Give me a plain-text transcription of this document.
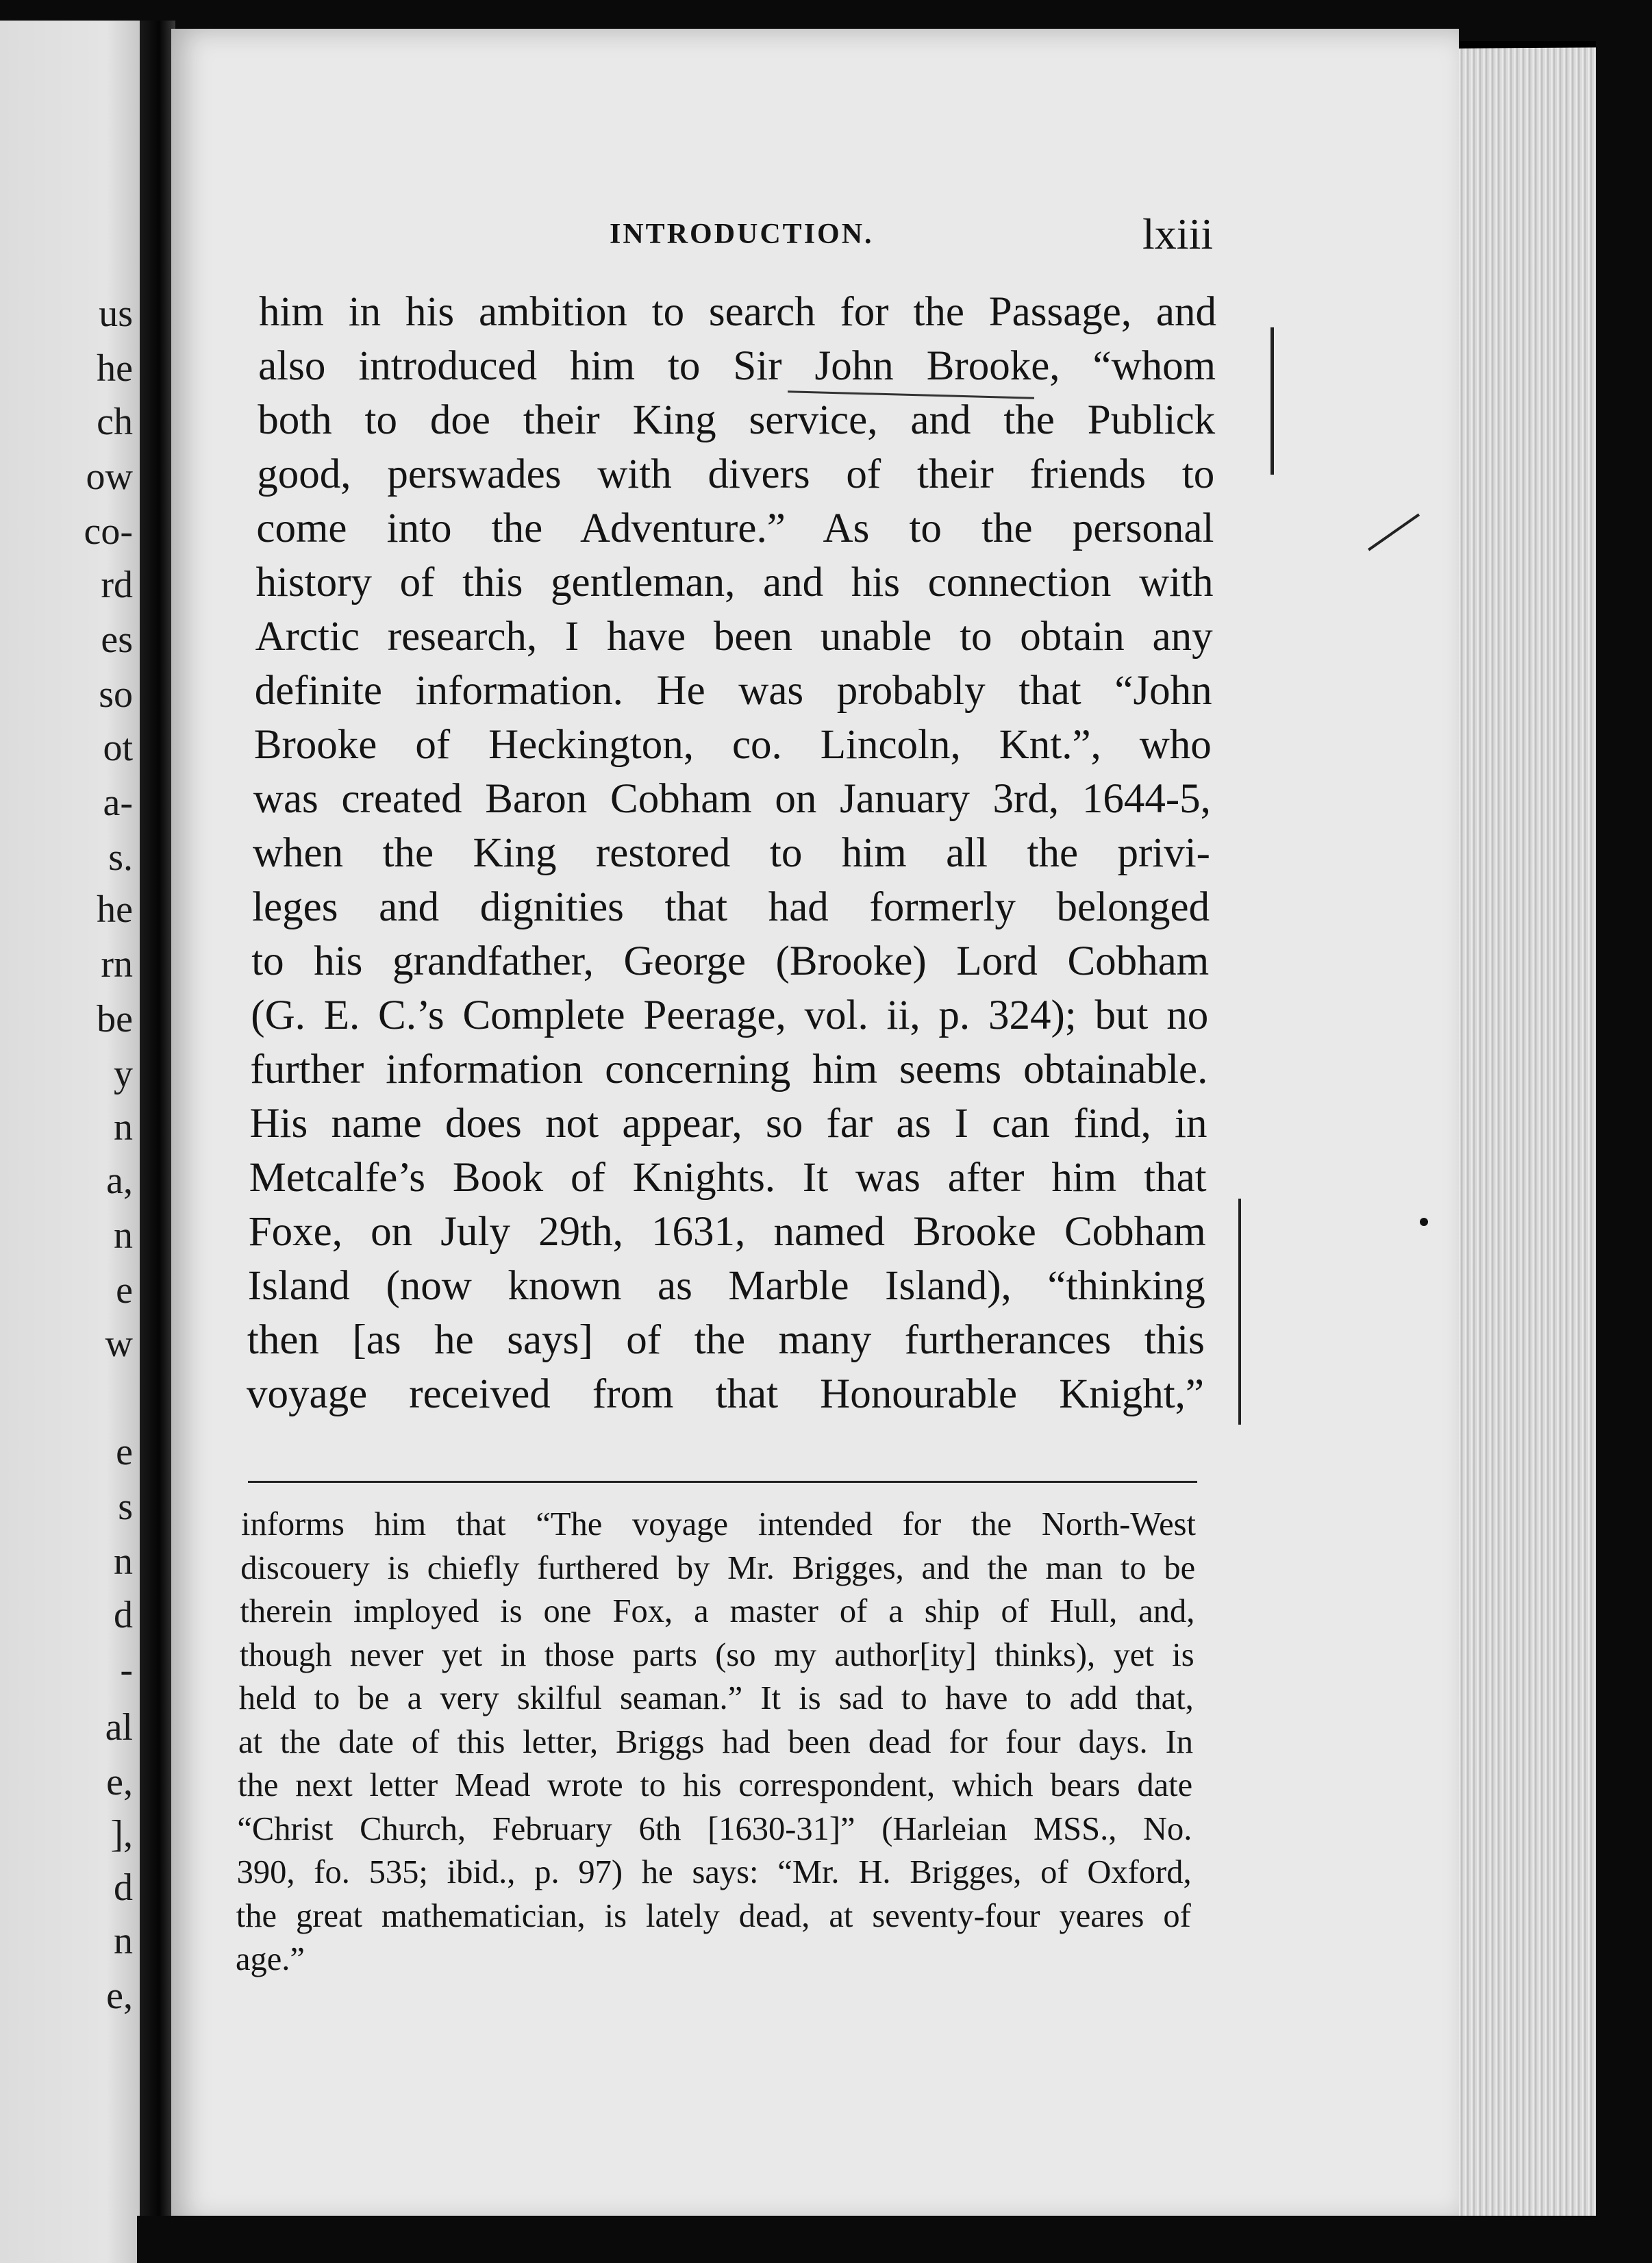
us
he
ch
ow
co-
rd
es
so
ot
a-
s.
he
rn
be
y
n
a,
n
e
w
e
s
n
d
-
al
e,
],
d
n
e,
INTRODUCTION.	lxiii
him in his ambition to search for the Passage, and
also introduced him to Sir John Brooke, “whom
both to doe their King service, and the Publick
good, perswades with divers of their friends to
come into the Adventure.” As to the personal
history of this gentleman, and his connection with
Arctic research, I have been unable to obtain any
definite information. He was probably that “John
Brooke of Heckington, co. Lincoln, Knt.”, who
was created Baron Cobham on January 3rd, 1644-5,
when the King restored to him all the privi-
leges and dignities that had formerly belonged
to his grandfather, George (Brooke) Lord Cobham
(G. E. C.’s Complete Peerage, vol. ii, p. 324); but no
further information concerning him seems obtainable.
His name does not appear, so far as I can find, in
Metcalfe’s Book of Knights. It was after him that
Foxe, on July 29th, 1631, named Brooke Cobham
Island (now known as Marble Island), “thinking
then [as he says] of the many furtherances this
voyage received from that Honourable Knight,”
informs him that “The voyage intended for the North-West
discouery is chiefly furthered by Mr. Brigges, and the man to be
therein imployed is one Fox, a master of a ship of Hull, and,
though never yet in those parts (so my author[ity] thinks), yet is
held to be a very skilful seaman.” It is sad to have to add that,
at the date of this letter, Briggs had been dead for four days. In
the next letter Mead wrote to his correspondent, which bears date
“Christ Church, February 6th [1630-31]” (Harleian MSS., No.
390, fo. 535; ibid., p. 97) he says: “Mr. H. Brigges, of Oxford,
the great mathematician, is lately dead, at seventy-four yeares of
age.”
